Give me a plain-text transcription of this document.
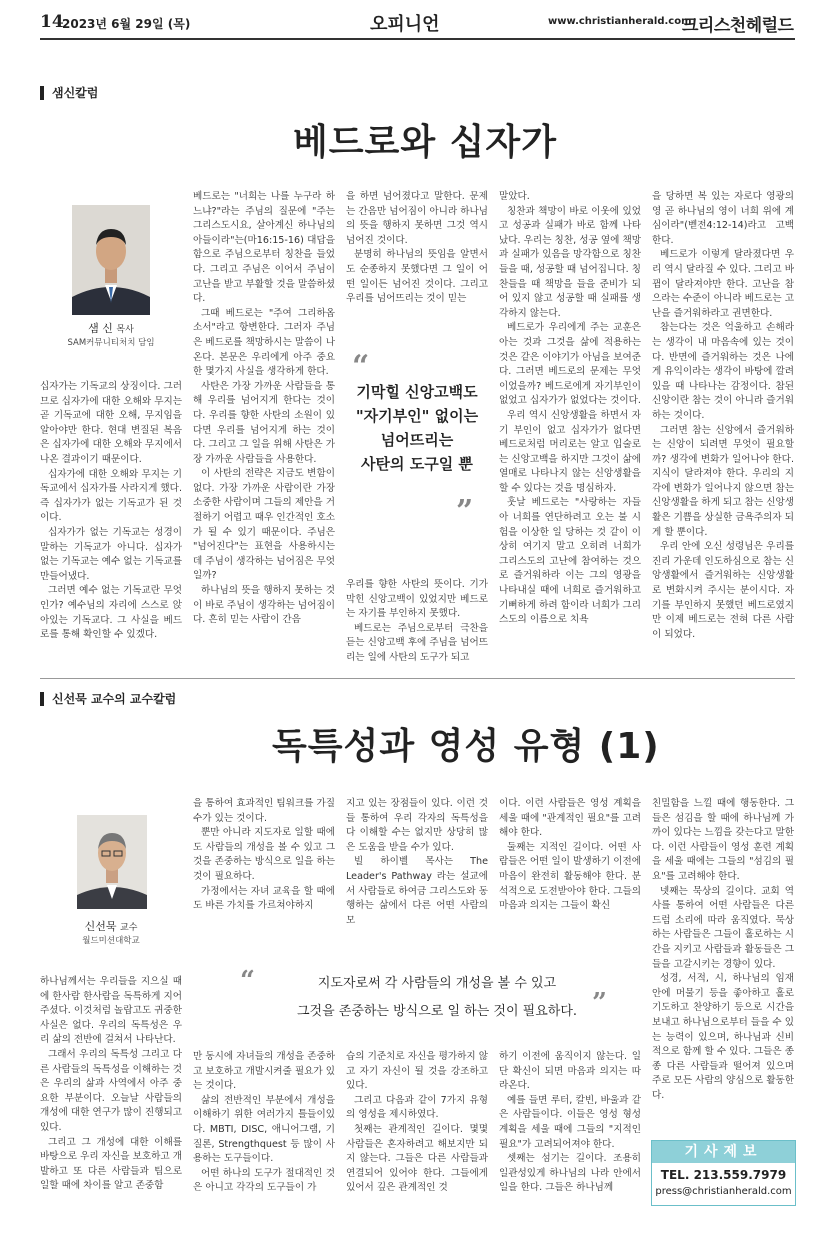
14
2023년 6월 29일 (목)	오피니언	www.christianherald.com
크리스천헤럴드
샘신칼럼
베드로와 십자가
샘 신 목사
SAM커뮤니티처치 담임

십자가는 기독교의 상징이다. 그러므로 십자가에 대한 오해와 무지는 곧 기독교에 대한 오해, 무지임을 알아야만 한다. 현대 변질된 복음은 십자가에 대한 오해와 무지에서 나온 결과이기 때문이다.

십자가에 대한 오해와 무지는 기독교에서 십자가를 사라지게 했다. 즉 십자가가 없는 기독교가 된 것이다.

십자가가 없는 기독교는 성경이 말하는 기독교가 아니다. 십자가 없는 기독교는 예수 없는 기독교를 만들어냈다.

그러면 예수 없는 기독교란 무엇인가? 예수님의 자리에 스스로 앉아있는 기독교다. 그 사실을 베드로를 통해 확인할 수 있겠다.

베드로는 "너희는 나를 누구라 하느냐?"라는 주님의 질문에 "주는 그리스도시요, 살아계신 하나님의 아들이라"는(마16:15-16) 대답을 함으로 주님으로부터 칭찬을 들었다. 그리고 주님은 이어서 주님이 고난을 받고 부활할 것을 말씀하셨다.

그때 베드로는 "주여 그리하옵소서"라고 항변한다. 그러자 주님은 베드로를 책망하시는 말씀이 나온다. 본문은 우리에게 아주 중요한 몇가지 사실을 생각하게 한다.

사탄은 가장 가까운 사람들을 통해 우리를 넘어지게 한다는 것이다. 우리를 향한 사탄의 소원이 있다면 우리를 넘어지게 하는 것이다. 그리고 그 일을 위해 사탄은 가장 가까운 사람들을 사용한다.

이 사탄의 전략은 지금도 변함이 없다. 가장 가까운 사람이란 가장 소중한 사람이며 그들의 제안을 거절하기 어렵고 때우 인간적인 호소가 될 수 있기 때문이다. 주님은 "넘어진다"는 표현을 사용하시는데 주님이 생각하는 넘어짐은 무엇일까?

하나님의 뜻을 행하지 못하는 것이 바로 주님이 생각하는 넘어짐이다. 흔히 믿는 사람이 간음

을 하면 넘어졌다고 말한다. 문제는 간음만 넘어짐이 아니라 하나님의 뜻을 행하지 못하면 그것 역시 넘어진 것이다.

분명히 하나님의 뜻임을 알면서도 순종하지 못했다면 그 일이 어떤 일이든 넘어진 것이다. 그리고 우리를 넘어뜨리는 것이 믿는

“
기막힐 신앙고백도
"자기부인" 없이는
넘어뜨리는
사탄의 도구일 뿐
”

우리를 향한 사탄의 뜻이다. 기가막힌 신앙고백이 있었지만 베드로는 자기를 부인하지 못했다.

베드로는 주님으로부터 극찬을 듣는 신앙고백 후에 주님을 넘어뜨리는 일에 사탄의 도구가 되고

말았다.

칭찬과 책망이 바로 이웃에 있었고 성공과 실패가 바로 함께 나타났다. 우리는 칭찬, 성공 옆에 책망과 실패가 있음을 망각함으로 칭찬들을 때, 성공할 때 넘어집니다. 칭찬들을 때 책망을 들을 준비가 되어 있지 않고 성공할 때 실패를 생각하지 않는다.

베드로가 우리에게 주는 교훈은 아는 것과 그것을 삶에 적용하는 것은 같은 이야기가 아님을 보여준다. 그러면 베드로의 문제는 무엇이었을까? 베드로에게 자기부인이 없었고 십자가가 없었다는 것이다.

우리 역시 신앙생활을 하면서 자기 부인이 없고 십자가가 없다면 베드로처럼 머리로는 알고 입술로는 신앙고백을 하지만 그것이 삶에 열매로 나타나지 않는 신앙생활을 할 수 있다는 것을 명심하자.

훗날 베드로는 "사랑하는 자들아 너희를 연단하려고 오는 불 시험을 이상한 일 당하는 것 같이 이상히 여기지 말고 오히려 너희가 그리스도의 고난에 참여하는 것으로 즐거워하라 이는 그의 영광을 나타내실 때에 너희로 즐거워하고 기뻐하게 하려 함이라 너희가 그리스도의 이름으로 치욕

을 당하면 복 있는 자로다 영광의 영 곧 하나님의 영이 너희 위에 계심이라"(벧전4:12-14)라고 고백한다.

베드로가 이렇게 달라졌다면 우리 역시 달라질 수 있다. 그리고 바뀜이 달라져야만 한다. 고난을 참으라는 수준이 아니라 베드로는 고난을 즐거워하라고 권면한다.

참는다는 것은 억울하고 손해라는 생각이 내 마음속에 있는 것이다. 반면에 즐거워하는 것은 나에게 유익이라는 생각이 바탕에 깔려 있을 때 나타나는 감정이다. 참된 신앙이란 참는 것이 아니라 즐거워하는 것이다.

그러면 참는 신앙에서 즐거워하는 신앙이 되려면 무엇이 필요할까? 생각에 변화가 일어나야 한다. 지식이 달라져야 한다. 우리의 지각에 변화가 일어나지 않으면 참는 신앙생활을 하게 되고 참는 신앙생활은 기쁨을 상실한 금욕주의자 되게 할 뿐이다.

우리 안에 오신 성령님은 우리를 진리 가운데 인도하심으로 참는 신앙생활에서 즐거워하는 신앙생활로 변화시켜 주시는 분이시다. 자기를 부인하지 못했던 베드로였지만 이제 베드로는 전혀 다른 사람이 되었다.

신선묵 교수의 교수칼럼
독특성과 영성 유형 (1)
신선묵 교수
월드미션대학교

을 통하여 효과적인 팀워크를 가질 수가 있는 것이다.

뿐만 아니라 지도자로 일할 때에도 사람들의 개성을 볼 수 있고 그것을 존중하는 방식으로 일을 하는 것이 필요하다.

가정에서는 자녀 교육을 할 때에도 바른 가치를 가르쳐야하지

지고 있는 장점들이 있다. 이런 것들 통하여 우리 각자의 독특성을 다 이해할 수는 없지만 상당히 많은 도움을 받을 수가 있다.

빌 하이벨 목사는 The Leader's Pathway 라는 설교에서 사람들로 하여금 그리스도와 동행하는 삶에서 다른 어떤 사람의 모

이다. 이런 사람들은 영성 계획을 세울 때에 "관계적인 필요"를 고려해야 한다.

둘째는 지적인 길이다. 어떤 사람들은 어떤 일이 발생하기 이전에 마음이 완전히 활동해야 한다. 분석적으로 도전받아야 한다. 그들의 마음과 의지는 그들이 확신

“	지도자로써 각 사람들의 개성을 볼 수 있고
그것을 존중하는 방식으로 일 하는 것이 필요하다. ”

하나님께서는 우리들을 지으실 때에 한사람 한사람을 독특하게 지어주셨다. 이것처럼 놀랍고도 귀중한 사실은 없다. 우리의 독특성은 우리 삶의 전반에 걸쳐서 나타난다.

그래서 우리의 독특성 그리고 다른 사람들의 독특성을 이해하는 것은 우리의 삶과 사역에서 아주 중요한 부분이다. 오늘날 사람들의 개성에 대한 연구가 많이 진행되고 있다.

그리고 그 개성에 대한 이해를 바탕으로 우리 자신을 보호하고 개발하고 또 다른 사람들과 팀으로 일할 때에 차이를 알고 존중함

만 동시에 자녀들의 개성을 존중하고 보호하고 개발시켜줄 필요가 있는 것이다.

삶의 전반적인 부분에서 개성을 이해하기 위한 여러가지 틀들이있다. MBTI, DISC, 애니어그램, 기질론, Strengthquest 등 많이 사용하는 도구들이다.

어떤 하나의 도구가 절대적인 것은 아니고 각각의 도구들이 가

습의 기준치로 자신을 평가하지 않고 자기 자신이 될 것을 강조하고 있다.

그리고 다음과 같이 7가지 유형의 영성을 제시하였다.

첫째는 관계적인 길이다. 몇몇 사람들은 혼자하려고 해보지만 되지 않는다. 그들은 다른 사람들과 연결되어 있어야 한다. 그들에게 있어서 깊은 관계적인 것

하기 이전에 움직이지 않는다. 일단 확신이 되면 마음과 의지는 따라온다.

예를 들면 루터, 칼빈, 바울과 같은 사람들이다. 이들은 영성 형성 계획을 세울 때에 그들의 "지적인 필요"가 고려되어져야 한다.

셋째는 섬기는 길이다. 조용히 일관성있게 하나님의 나라 안에서 일을 한다. 그들은 하나님께

친밀함을 느낄 때에 행동한다. 그들은 섬김을 할 때에 하나님께 가까이 있다는 느낌을 갖는다고 말한다. 이런 사람들이 영성 훈련 계획을 세울 때에는 그들의 "섬김의 필요"를 고려해야 한다.

넷째는 묵상의 길이다. 교회 역사를 통하여 어떤 사람들은 다른 드럼 소리에 따라 움직였다. 묵상하는 사람들은 그들이 홀로하는 시간을 지키고 사람들과 활동들은 그들을 고갈시키는 경향이 있다.

성경, 서적, 시, 하나님의 임재 안에 머물기 등을 좋아하고 홀로 기도하고 찬양하기 등으로 시간을 보내고 하나님으로부터 들을 수 있는 능력이 있으며, 하나님과 신비적으로 함께 할 수 있다. 그들은 종종 다른 사람들과 떨어져 있으며 주로 모든 사람의 양심으로 활동한다.

기사제보
TEL. 213.559.7979
press@christianherald.com
